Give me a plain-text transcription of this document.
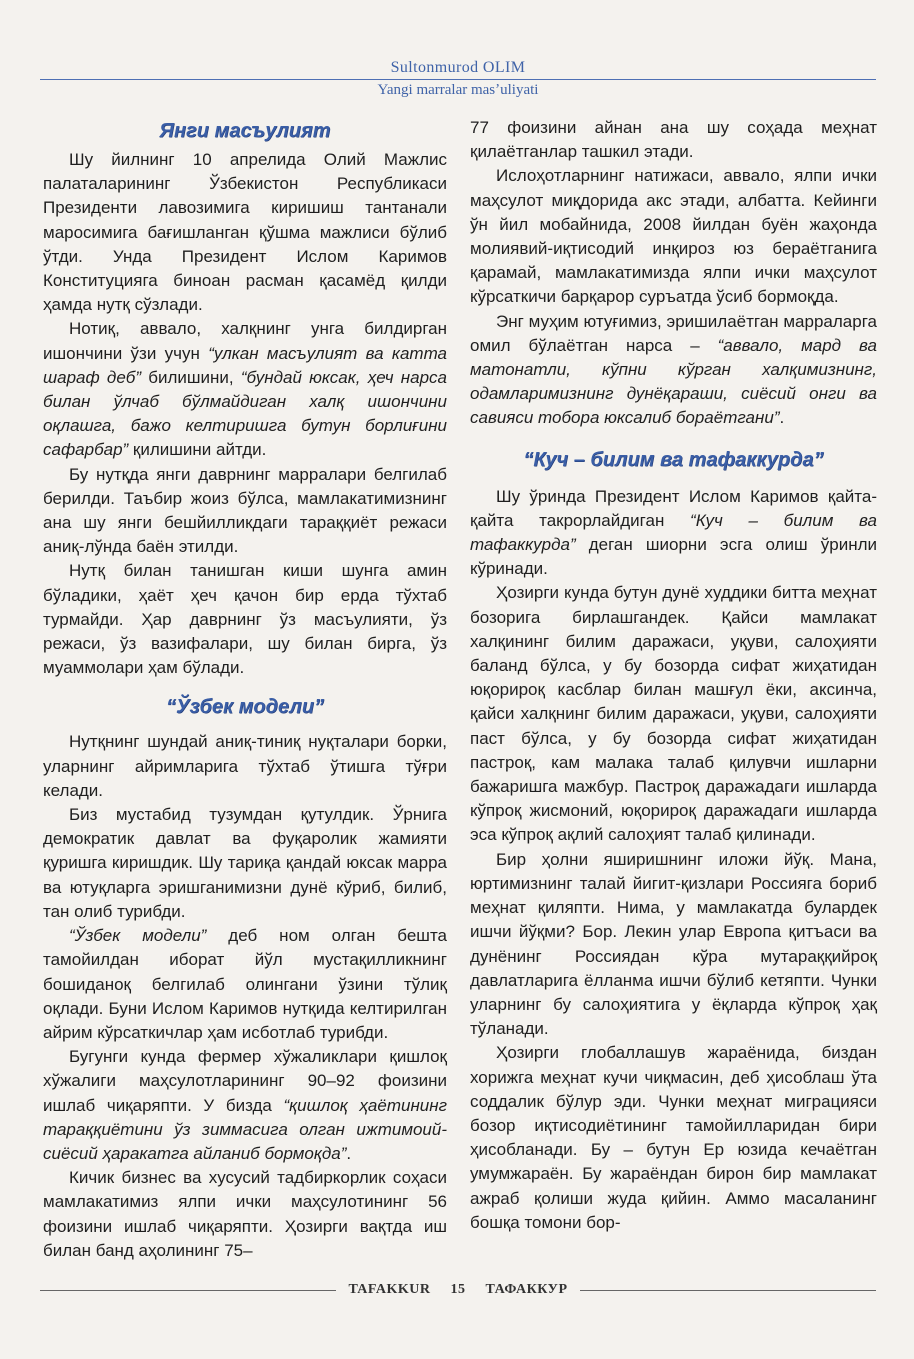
Sultonmurod OLIM
Yangi marralar masʼuliyati
Янги масъулият

Шу йилнинг 10 апрелида Олий Мажлис палаталарининг Ўзбекистон Республикаси Президенти лавозимига киришиш тантанали маросимига бағишланган қўшма мажлиси бўлиб ўтди. Унда Президент Ислом Каримов Конституцияга биноан расман қасамёд қилди ҳамда нутқ сўзлади.

Нотиқ, аввало, халқнинг унга билдирган ишончини ўзи учун “улкан масъулият ва катта шараф деб” билишини, “бундай юксак, ҳеч нарса билан ўлчаб бўлмайдиган халқ ишончини оқлашга, бажо келтиришга бутун борлиғини сафарбар” қилишини айтди.

Бу нутқда янги даврнинг марралари белгилаб берилди. Таъбир жоиз бўлса, мамлакатимизнинг ана шу янги бешйилликдаги тараққиёт режаси аниқ-лўнда баён этилди.

Нутқ билан танишган киши шунга амин бўладики, ҳаёт ҳеч қачон бир ерда тўхтаб турмайди. Ҳар даврнинг ўз масъулияти, ўз режаси, ўз вазифалари, шу билан бирга, ўз муаммолари ҳам бўлади.

“Ўзбек модели”

Нутқнинг шундай аниқ-тиниқ нуқталари борки, уларнинг айримларига тўхтаб ўтишга тўғри келади.

Биз мустабид тузумдан қутулдик. Ўрнига демократик давлат ва фуқаролик жамияти қуришга киришдик. Шу тариқа қандай юксак марра ва ютуқларга эришганимизни дунё кўриб, билиб, тан олиб турибди.

“Ўзбек модели” деб ном олган бешта тамойилдан иборат йўл мустақилликнинг бошиданоқ белгилаб олингани ўзини тўлиқ оқлади. Буни Ислом Каримов нутқида келтирилган айрим кўрсаткичлар ҳам исботлаб турибди.

Бугунги кунда фермер хўжаликлари қишлоқ хўжалиги маҳсулотларининг 90–92 фоизини ишлаб чиқаряпти. У бизда “қишлоқ ҳаётининг тараққиётини ўз зиммасига олган ижтимоий-сиёсий ҳаракатга айланиб бормоқда”.

Кичик бизнес ва хусусий тадбиркорлик соҳаси мамлакатимиз ялпи ички маҳсулотининг 56 фоизини ишлаб чиқаряпти. Ҳозирги вақтда иш билан банд аҳолининг 75–

77 фоизини айнан ана шу соҳада меҳнат қилаётганлар ташкил этади.

Ислоҳотларнинг натижаси, аввало, ялпи ички маҳсулот миқдорида акс этади, албатта. Кейинги ўн йил мобайнида, 2008 йилдан буён жаҳонда молиявий-иқтисодий инқироз юз бераётганига қарамай, мамлакатимизда ялпи ички маҳсулот кўрсаткичи барқарор суръатда ўсиб бормоқда.

Энг муҳим ютуғимиз, эришилаётган марраларга омил бўлаётган нарса – “аввало, мард ва матонатли, кўпни кўрган халқимизнинг, одамларимизнинг дунёқараши, сиёсий онги ва савияси тобора юксалиб бораётгани”.

“Куч – билим ва тафаккурда”

Шу ўринда Президент Ислом Каримов қайта-қайта такрорлайдиган “Куч – билим ва тафаккурда” деган шиорни эсга олиш ўринли кўринади.

Ҳозирги кунда бутун дунё худдики битта меҳнат бозорига бирлашгандек. Қайси мамлакат халқининг билим даражаси, уқуви, салоҳияти баланд бўлса, у бу бозорда сифат жиҳатидан юқорироқ касблар билан машғул ёки, аксинча, қайси халқнинг билим даражаси, уқуви, салоҳияти паст бўлса, у бу бозорда сифат жиҳатидан пастроқ, кам малака талаб қилувчи ишларни бажаришга мажбур. Пастроқ даражадаги ишларда кўпроқ жисмоний, юқорироқ даражадаги ишларда эса кўпроқ ақлий салоҳият талаб қилинади.

Бир ҳолни яширишнинг иложи йўқ. Мана, юртимизнинг талай йигит-қизлари Россияга бориб меҳнат қиляпти. Нима, у мамлакатда булардек ишчи йўқми? Бор. Лекин улар Европа қитъаси ва дунёнинг Россиядан кўра мутараққийроқ давлатларига ёлланма ишчи бўлиб кетяпти. Чунки уларнинг бу салоҳиятига у ёқларда кўпроқ ҳақ тўланади.

Ҳозирги глобаллашув жараёнида, биздан хорижга меҳнат кучи чиқмасин, деб ҳисоблаш ўта соддалик бўлур эди. Чунки меҳнат миграцияси бозор иқтисодиётининг тамойилларидан бири ҳисобланади. Бу – бутун Ер юзида кечаётган умумжараён. Бу жараёндан бирон бир мамлакат ажраб қолиши жуда қийин. Аммо масаланинг бошқа томони бор-

TAFAKKUR	15	ТАФАККУР
